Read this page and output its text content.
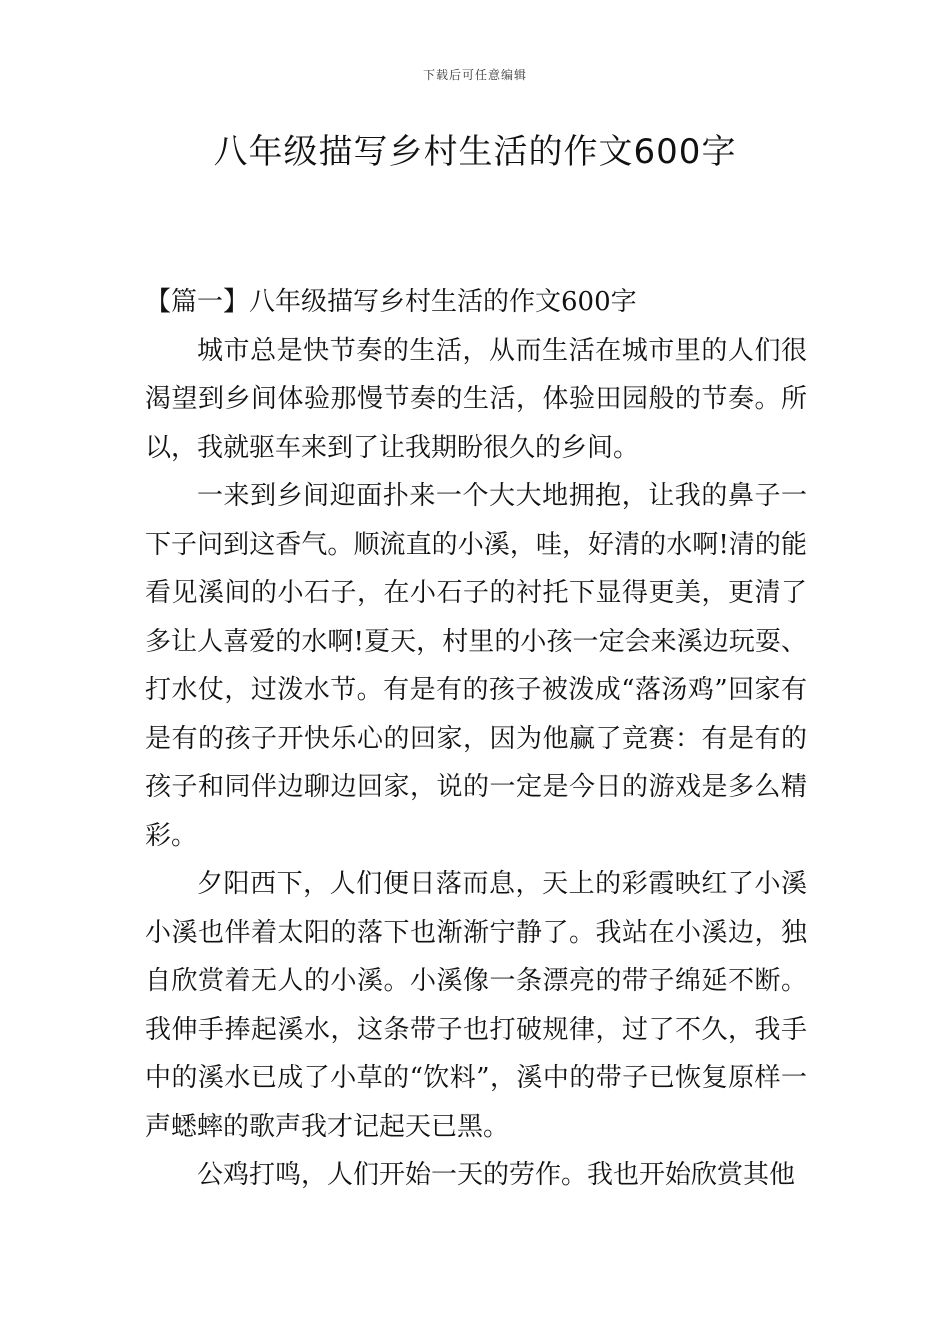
下载后可任意编辑
八年级描写乡村生活的作文600字

【篇一】八年级描写乡村生活的作文600字

城市总是快节奏的生活，从而生活在城市里的人们很渴望到乡间体验那慢节奏的生活，体验田园般的节奏。所以，我就驱车来到了让我期盼很久的乡间。

一来到乡间迎面扑来一个大大地拥抱，让我的鼻子一下子问到这香气。顺流直的小溪，哇，好清的水啊!清的能看见溪间的小石子，在小石子的衬托下显得更美，更清了多让人喜爱的水啊!夏天，村里的小孩一定会来溪边玩耍、打水仗，过泼水节。有是有的孩子被泼成“落汤鸡”回家有是有的孩子开快乐心的回家，因为他赢了竞赛：有是有的孩子和同伴边聊边回家，说的一定是今日的游戏是多么精彩。

夕阳西下，人们便日落而息，天上的彩霞映红了小溪小溪也伴着太阳的落下也渐渐宁静了。我站在小溪边，独自欣赏着无人的小溪。小溪像一条漂亮的带子绵延不断。我伸手捧起溪水，这条带子也打破规律，过了不久，我手中的溪水已成了小草的“饮料”，溪中的带子已恢复原样一声蟋蟀的歌声我才记起天已黑。

公鸡打鸣，人们开始一天的劳作。我也开始欣赏其他
